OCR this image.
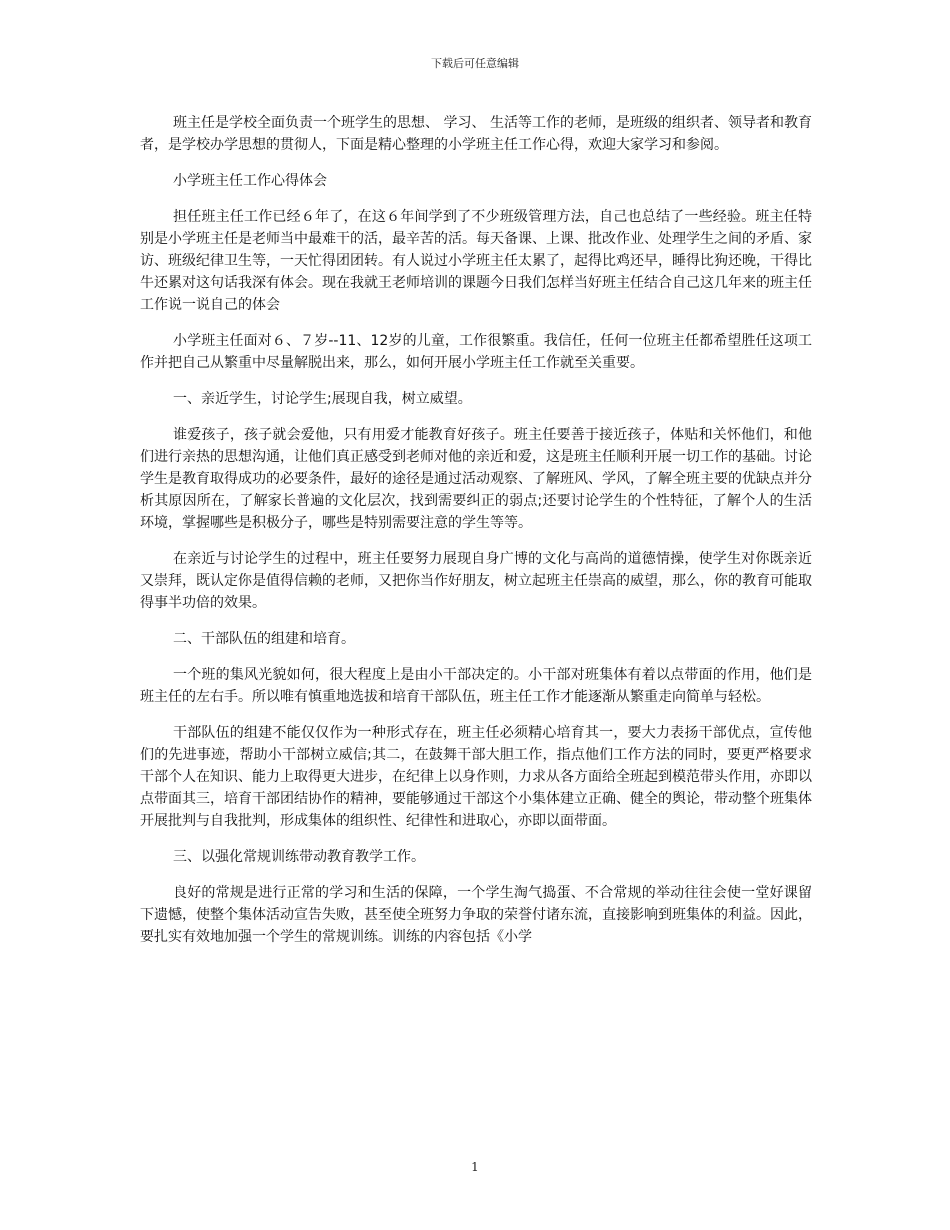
下载后可任意编辑

班主任是学校全面负责一个班学生的思想、 学习、 生活等工作的老师，是班级的组织者、领导者和教育者，是学校办学思想的贯彻人，下面是精心整理的小学班主任工作心得，欢迎大家学习和参阅。

小学班主任工作心得体会

担任班主任工作已经６年了，在这６年间学到了不少班级管理方法，自己也总结了一些经验。班主任特别是小学班主任是老师当中最难干的活，最辛苦的活。每天备课、上课、批改作业、处理学生之间的矛盾、家访、班级纪律卫生等，一天忙得团团转。有人说过小学班主任太累了，起得比鸡还早，睡得比狗还晚，干得比牛还累对这句话我深有体会。现在我就王老师培训的课题今日我们怎样当好班主任结合自己这几年来的班主任工作说一说自己的体会

小学班主任面对６、７岁--11、12岁的儿童，工作很繁重。我信任，任何一位班主任都希望胜任这项工作并把自己从繁重中尽量解脱出来，那么，如何开展小学班主任工作就至关重要。

一、亲近学生，讨论学生;展现自我，树立威望。

谁爱孩子，孩子就会爱他，只有用爱才能教育好孩子。班主任要善于接近孩子，体贴和关怀他们，和他们进行亲热的思想沟通，让他们真正感受到老师对他的亲近和爱，这是班主任顺利开展一切工作的基础。讨论学生是教育取得成功的必要条件，最好的途径是通过活动观察、了解班风、学风，了解全班主要的优缺点并分析其原因所在，了解家长普遍的文化层次，找到需要纠正的弱点;还要讨论学生的个性特征，了解个人的生活环境，掌握哪些是积极分子，哪些是特别需要注意的学生等等。

在亲近与讨论学生的过程中，班主任要努力展现自身广博的文化与高尚的道德情操，使学生对你既亲近又崇拜，既认定你是值得信赖的老师，又把你当作好朋友，树立起班主任崇高的威望，那么，你的教育可能取得事半功倍的效果。

二、干部队伍的组建和培育。

一个班的集风光貌如何，很大程度上是由小干部决定的。小干部对班集体有着以点带面的作用，他们是班主任的左右手。所以唯有慎重地选拔和培育干部队伍，班主任工作才能逐渐从繁重走向简单与轻松。

干部队伍的组建不能仅仅作为一种形式存在，班主任必须精心培育其一，要大力表扬干部优点，宣传他们的先进事迹，帮助小干部树立威信;其二，在鼓舞干部大胆工作，指点他们工作方法的同时，要更严格要求干部个人在知识、能力上取得更大进步，在纪律上以身作则，力求从各方面给全班起到模范带头作用，亦即以点带面其三，培育干部团结协作的精神，要能够通过干部这个小集体建立正确、健全的舆论，带动整个班集体开展批判与自我批判，形成集体的组织性、纪律性和进取心，亦即以面带面。

三、以强化常规训练带动教育教学工作。

良好的常规是进行正常的学习和生活的保障，一个学生淘气捣蛋、不合常规的举动往往会使一堂好课留下遗憾，使整个集体活动宣告失败，甚至使全班努力争取的荣誉付诸东流，直接影响到班集体的利益。因此，要扎实有效地加强一个学生的常规训练。训练的内容包括《小学

1
